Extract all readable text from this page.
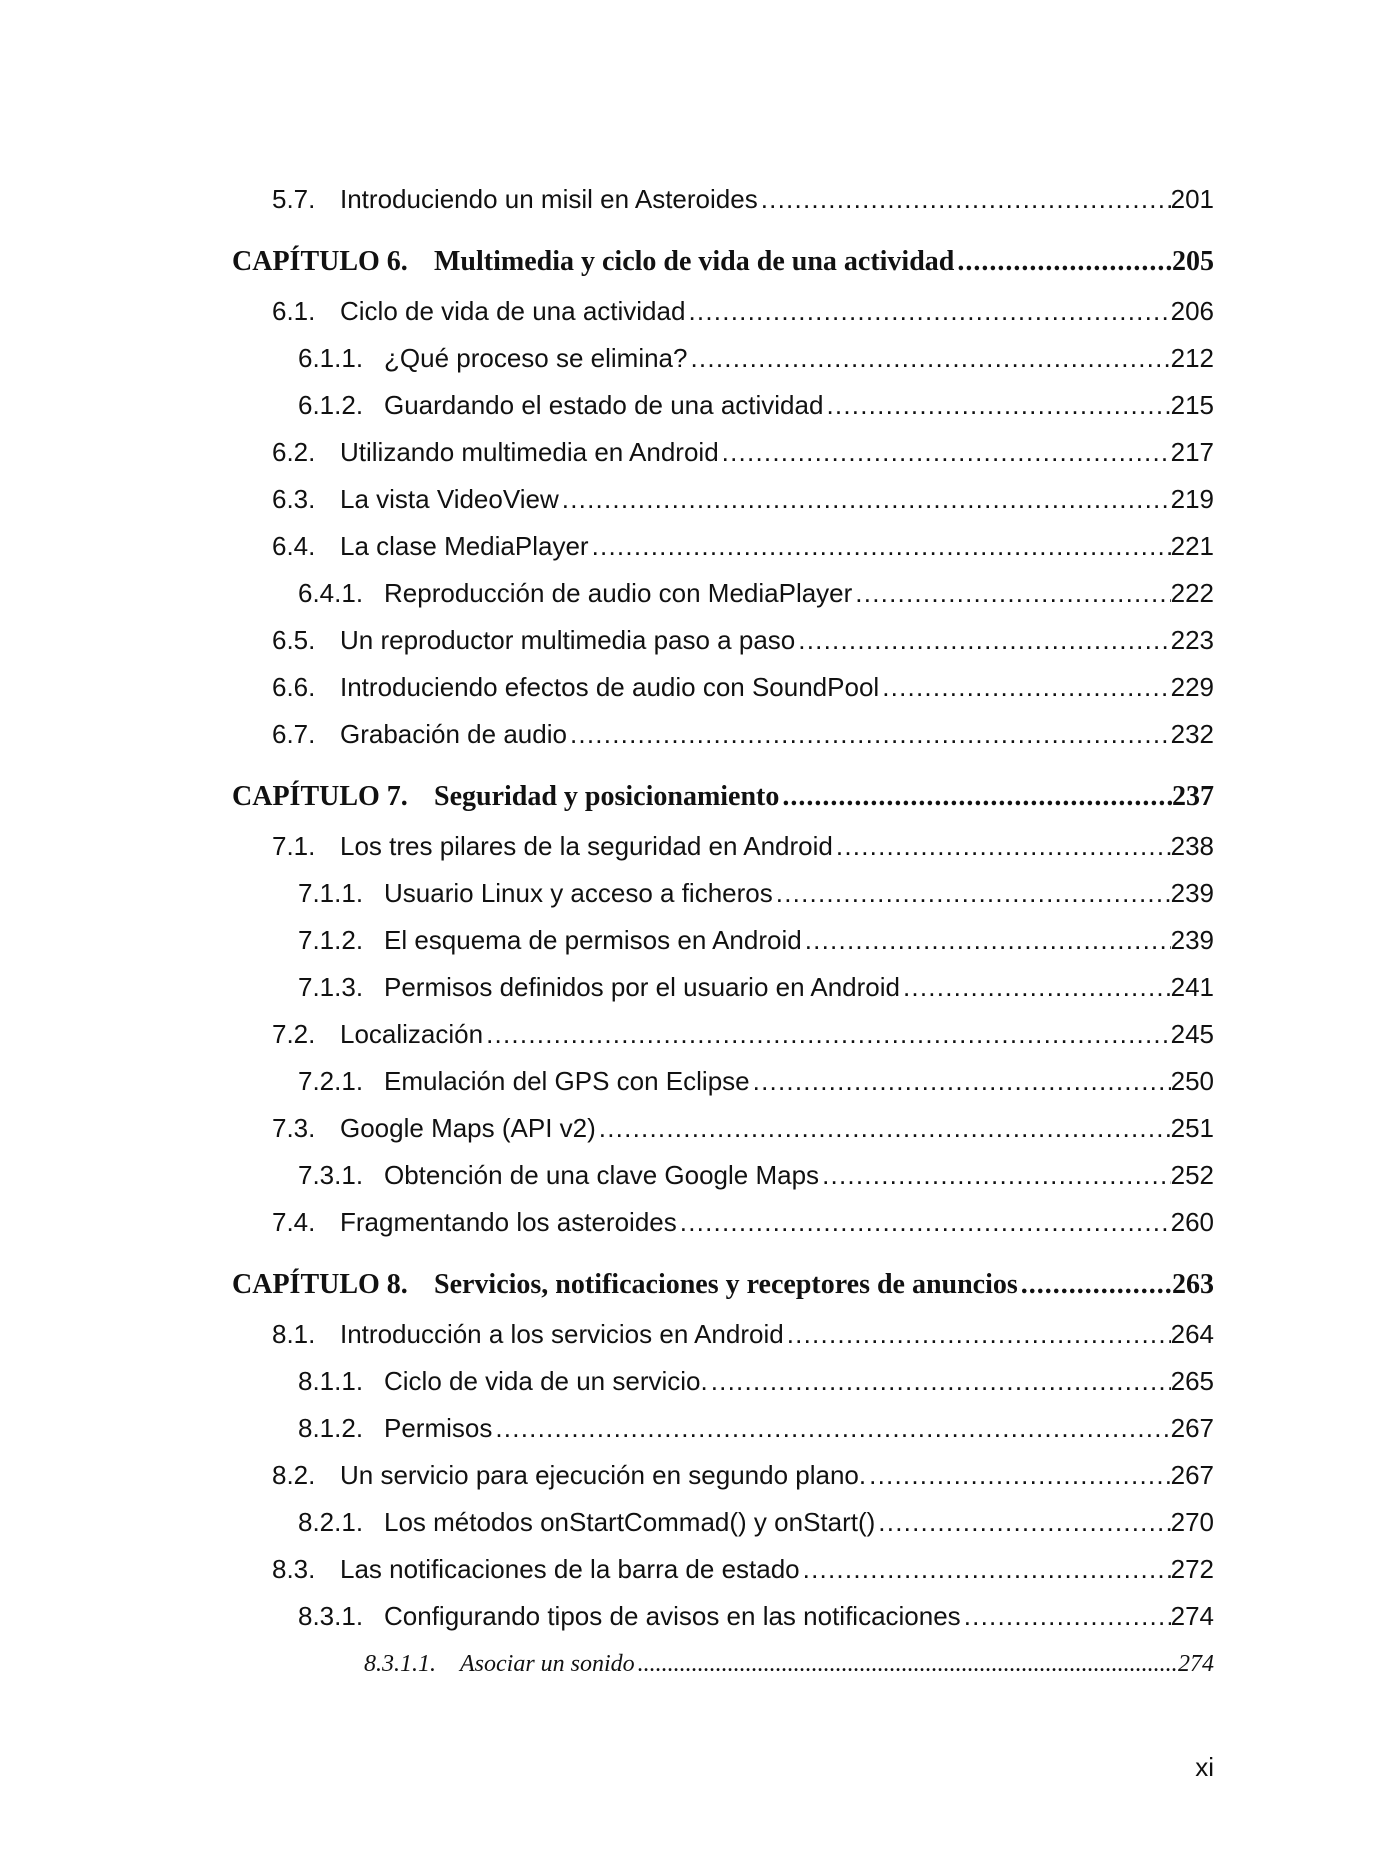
5.7. Introduciendo un misil en Asteroides . . .	201
CAPÍTULO 6. Multimedia y ciclo de vida de una actividad . . .	205
6.1. Ciclo de vida de una actividad . . .	206
6.1.1. ¿Qué proceso se elimina? . . .	212
6.1.2. Guardando el estado de una actividad . . .	215
6.2. Utilizando multimedia en Android . . .	217
6.3. La vista VideoView . . .	219
6.4. La clase MediaPlayer . . .	221
6.4.1. Reproducción de audio con MediaPlayer . . .	222
6.5. Un reproductor multimedia paso a paso . . .	223
6.6. Introduciendo efectos de audio con SoundPool . . .	229
6.7. Grabación de audio . . .	232
CAPÍTULO 7. Seguridad y posicionamiento . . .	237
7.1. Los tres pilares de la seguridad en Android . . .	238
7.1.1. Usuario Linux y acceso a ficheros . . .	239
7.1.2. El esquema de permisos en Android . . .	239
7.1.3. Permisos definidos por el usuario en Android . . .	241
7.2. Localización . . .	245
7.2.1. Emulación del GPS con Eclipse . . .	250
7.3. Google Maps (API v2) . . .	251
7.3.1. Obtención de una clave Google Maps . . .	252
7.4. Fragmentando los asteroides . . .	260
CAPÍTULO 8. Servicios, notificaciones y receptores de anuncios . . .	263
8.1. Introducción a los servicios en Android . . .	264
8.1.1. Ciclo de vida de un servicio. . . .	265
8.1.2. Permisos . . .	267
8.2. Un servicio para ejecución en segundo plano. . . .	267
8.2.1. Los métodos onStartCommad() y onStart() . . .	270
8.3. Las notificaciones de la barra de estado . . .	272
8.3.1. Configurando tipos de avisos en las notificaciones . . .	274
8.3.1.1.	Asociar un sonido . . .	274
xi
